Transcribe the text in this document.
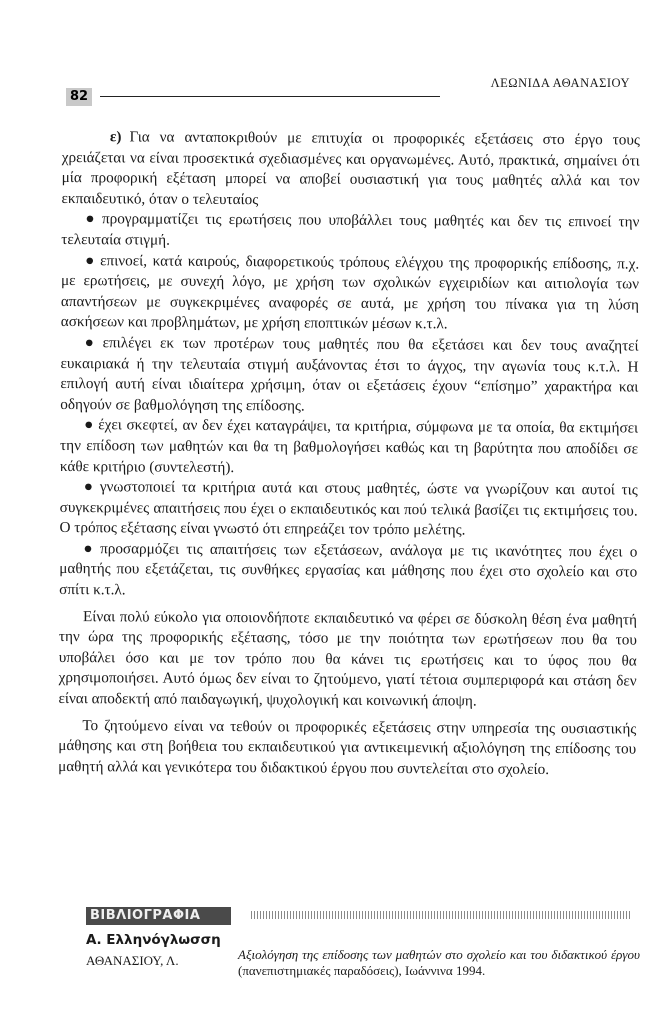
82
ΛΕΩΝΙΔΑ ΑΘΑΝΑΣΙΟΥ

ε) Για να ανταποκριθούν με επιτυχία οι προφορικές εξετάσεις στο έργο τους χρειάζεται να είναι προσεκτικά σχεδιασμένες και οργανωμένες. Αυτό, πρακτικά, σημαίνει ότι μία προφορική εξέταση μπορεί να αποβεί ουσιαστική για τους μαθητές αλλά και τον εκπαιδευτικό, όταν ο τελευταίος

● προγραμματίζει τις ερωτήσεις που υποβάλλει τους μαθητές και δεν τις επινοεί την τελευταία στιγμή.

● επινοεί, κατά καιρούς, διαφορετικούς τρόπους ελέγχου της προφορικής επίδοσης, π.χ. με ερωτήσεις, με συνεχή λόγο, με χρήση των σχολικών εγχειριδίων και αιτιολογία των απαντήσεων με συγκεκριμένες αναφορές σε αυτά, με χρήση του πίνακα για τη λύση ασκήσεων και προβλημάτων, με χρήση εποπτικών μέσων κ.τ.λ.

● επιλέγει εκ των προτέρων τους μαθητές που θα εξετάσει και δεν τους αναζητεί ευκαιριακά ή την τελευταία στιγμή αυξάνοντας έτσι το άγχος, την αγωνία τους κ.τ.λ. Η επιλογή αυτή είναι ιδιαίτερα χρήσιμη, όταν οι εξετάσεις έχουν “επίσημο” χαρακτήρα και οδηγούν σε βαθμολόγηση της επίδοσης.

● έχει σκεφτεί, αν δεν έχει καταγράψει, τα κριτήρια, σύμφωνα με τα οποία, θα εκτιμήσει την επίδοση των μαθητών και θα τη βαθμολογήσει καθώς και τη βαρύτητα που αποδίδει σε κάθε κριτήριο (συντελεστή).

● γνωστοποιεί τα κριτήρια αυτά και στους μαθητές, ώστε να γνωρίζουν και αυτοί τις συγκεκριμένες απαιτήσεις που έχει ο εκπαιδευτικός και πού τελικά βασίζει τις εκτιμήσεις του. Ο τρόπος εξέτασης είναι γνωστό ότι επηρεάζει τον τρόπο μελέτης.

● προσαρμόζει τις απαιτήσεις των εξετάσεων, ανάλογα με τις ικανότητες που έχει ο μαθητής που εξετάζεται, τις συνθήκες εργασίας και μάθησης που έχει στο σχολείο και στο σπίτι κ.τ.λ.

Είναι πολύ εύκολο για οποιονδήποτε εκπαιδευτικό να φέρει σε δύσκολη θέση ένα μαθητή την ώρα της προφορικής εξέτασης, τόσο με την ποιότητα των ερωτήσεων που θα του υποβάλει όσο και με τον τρόπο που θα κάνει τις ερωτήσεις και το ύφος που θα χρησιμοποιήσει. Αυτό όμως δεν είναι το ζητούμενο, γιατί τέτοια συμπεριφορά και στάση δεν είναι αποδεκτή από παιδαγωγική, ψυχολογική και κοινωνική άποψη.

Το ζητούμενο είναι να τεθούν οι προφορικές εξετάσεις στην υπηρεσία της ουσιαστικής μάθησης και στη βοήθεια του εκπαιδευτικού για αντικειμενική αξιολόγηση της επίδοσης του μαθητή αλλά και γενικότερα του διδακτικού έργου που συντελείται στο σχολείο.

ΒΙΒΛΙΟΓΡΑΦΙΑ
Α. Ελληνόγλωσση
ΑΘΑΝΑΣΙΟΥ, Λ.	Αξιολόγηση της επίδοσης των μαθητών στο σχολείο και του διδακτικού έργου (πανεπιστημιακές παραδόσεις), Ιωάννινα 1994.
